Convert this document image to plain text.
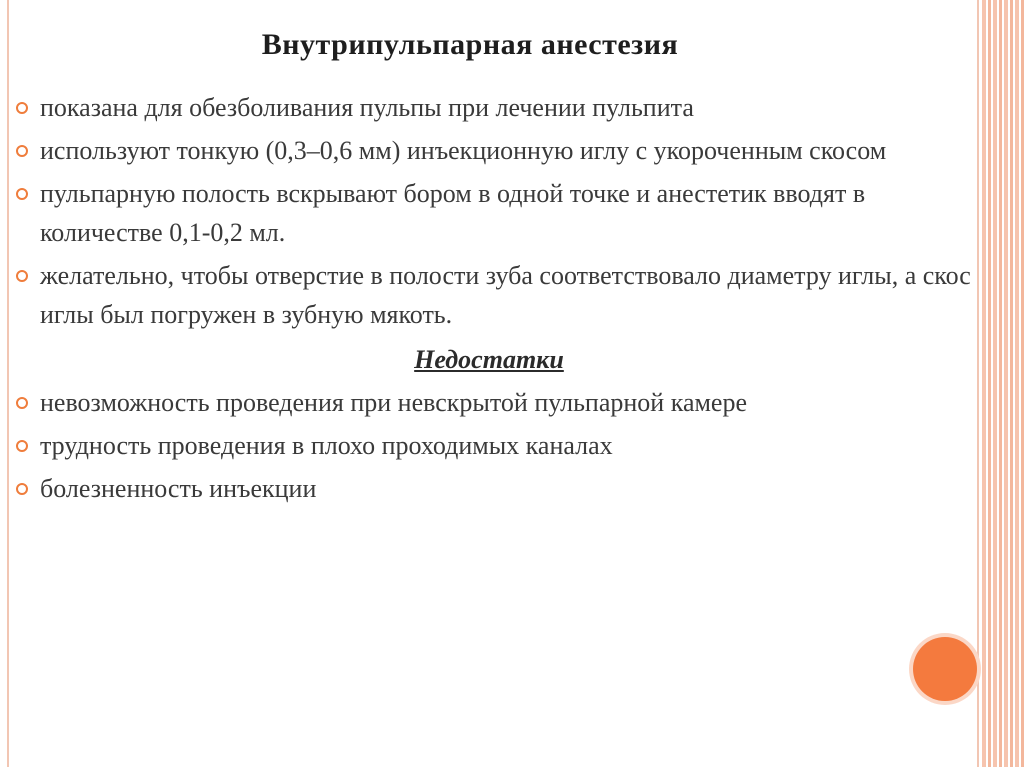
Внутрипульпарная анестезия
показана для обезболивания пульпы при лечении пульпита
используют тонкую (0,3–0,6 мм) инъекционную иглу с укороченным скосом
пульпарную полость вскрывают бором в одной точке и анестетик вводят в количестве 0,1-0,2 мл.
желательно, чтобы отверстие в полости зуба соответствовало диаметру иглы, а скос иглы был погружен в зубную мякоть.
Недостатки
невозможность проведения при невскрытой пульпарной камере
трудность проведения в плохо проходимых каналах
болезненность инъекции
